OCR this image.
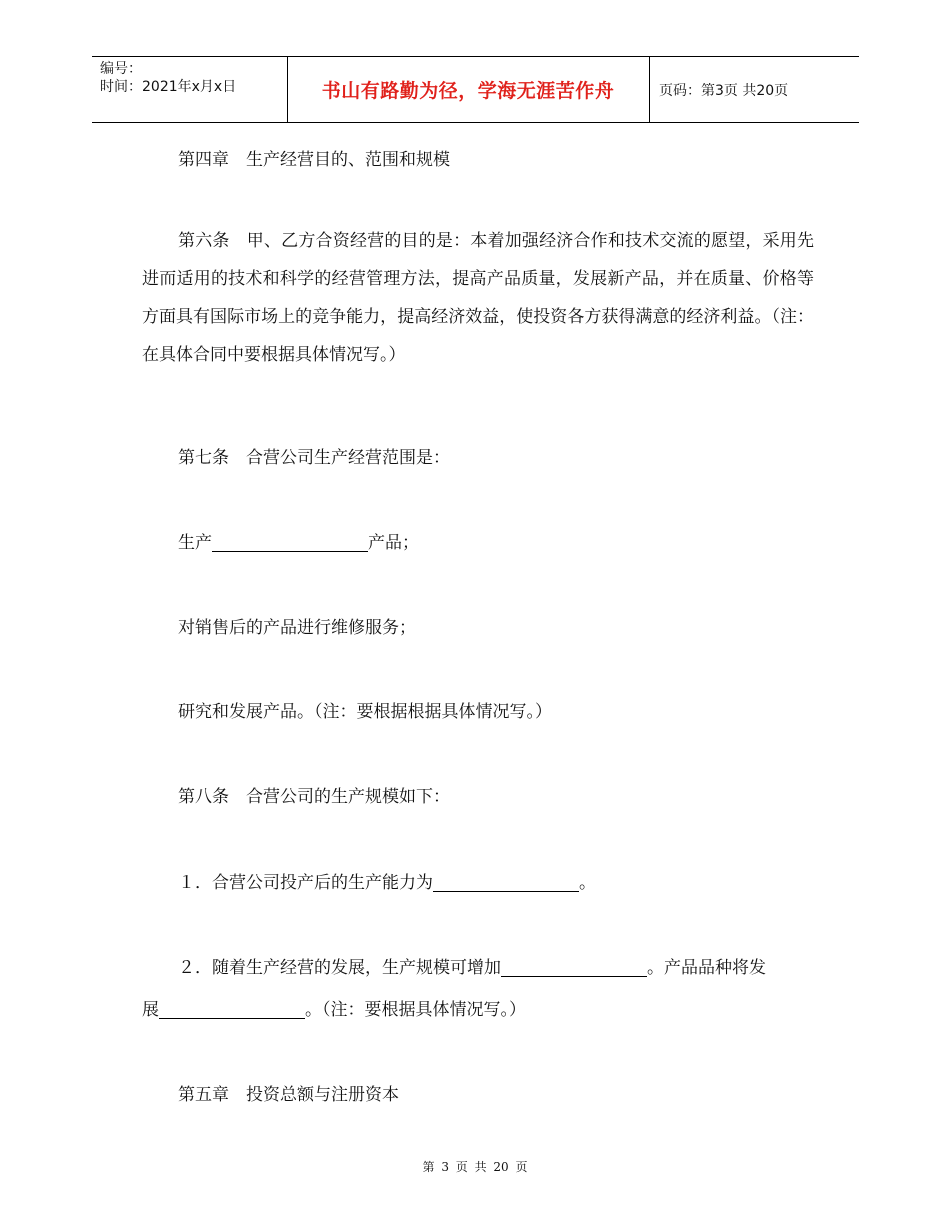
编号：
时间：2021年x月x日	书山有路勤为径，学海无涯苦作舟	页码：第3页 共20页
第四章　生产经营目的、范围和规模
第六条　甲、乙方合资经营的目的是：本着加强经济合作和技术交流的愿望，采用先进而适用的技术和科学的经营管理方法，提高产品质量，发展新产品，并在质量、价格等方面具有国际市场上的竞争能力，提高经济效益，使投资各方获得满意的经济利益。（注：在具体合同中要根据具体情况写。）
第七条　合营公司生产经营范围是：
生产	产品；
对销售后的产品进行维修服务；
研究和发展产品。（注：要根据根据具体情况写。）
第八条　合营公司的生产规模如下：
１．合营公司投产后的生产能力为	。
２．随着生产经营的发展，生产规模可增加	。产品品种将发
展	。（注：要根据具体情况写。）
第五章　投资总额与注册资本
第 3 页 共 20 页
